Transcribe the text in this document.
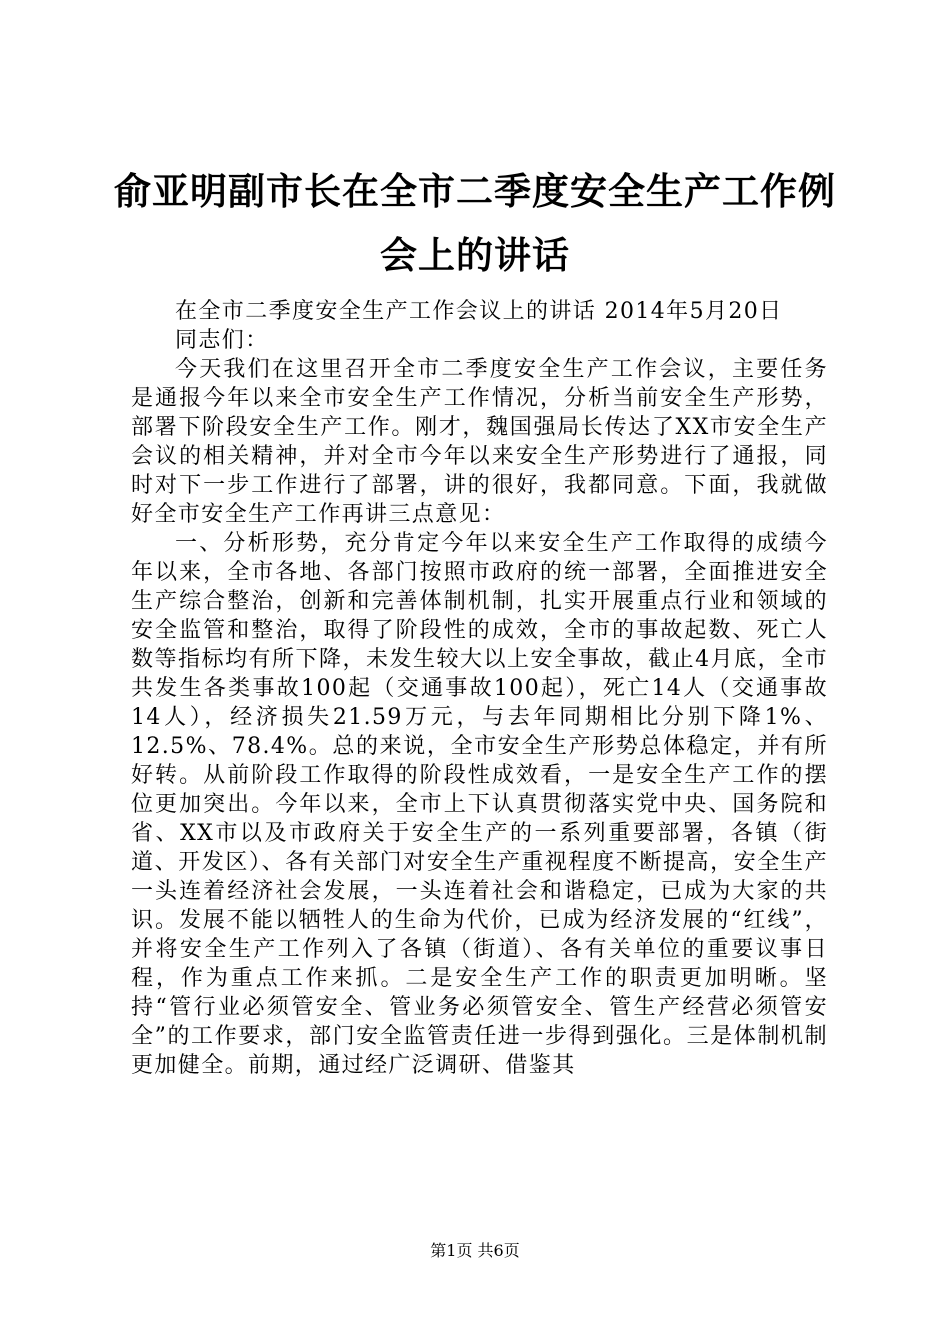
俞亚明副市长在全市二季度安全生产工作例会上的讲话

在全市二季度安全生产工作会议上的讲话 2014年5月20日

同志们：

今天我们在这里召开全市二季度安全生产工作会议，主要任务是通报今年以来全市安全生产工作情况，分析当前安全生产形势，部署下阶段安全生产工作。刚才，魏国强局长传达了XX市安全生产会议的相关精神，并对全市今年以来安全生产形势进行了通报，同时对下一步工作进行了部署，讲的很好，我都同意。下面，我就做好全市安全生产工作再讲三点意见：

一、分析形势，充分肯定今年以来安全生产工作取得的成绩今年以来，全市各地、各部门按照市政府的统一部署，全面推进安全生产综合整治，创新和完善体制机制，扎实开展重点行业和领域的安全监管和整治，取得了阶段性的成效，全市的事故起数、死亡人数等指标均有所下降，未发生较大以上安全事故，截止4月底，全市共发生各类事故100起（交通事故100起），死亡14人（交通事故14人），经济损失21.59万元，与去年同期相比分别下降1%、12.5%、78.4%。总的来说，全市安全生产形势总体稳定，并有所好转。从前阶段工作取得的阶段性成效看，一是安全生产工作的摆位更加突出。今年以来，全市上下认真贯彻落实党中央、国务院和省、XX市以及市政府关于安全生产的一系列重要部署，各镇（街道、开发区）、各有关部门对安全生产重视程度不断提高，安全生产一头连着经济社会发展，一头连着社会和谐稳定，已成为大家的共识。发展不能以牺牲人的生命为代价，已成为经济发展的“红线”，并将安全生产工作列入了各镇（街道）、各有关单位的重要议事日程，作为重点工作来抓。二是安全生产工作的职责更加明晰。坚持“管行业必须管安全、管业务必须管安全、管生产经营必须管安全”的工作要求，部门安全监管责任进一步得到强化。三是体制机制更加健全。前期，通过经广泛调研、借鉴其

第1页 共6页
